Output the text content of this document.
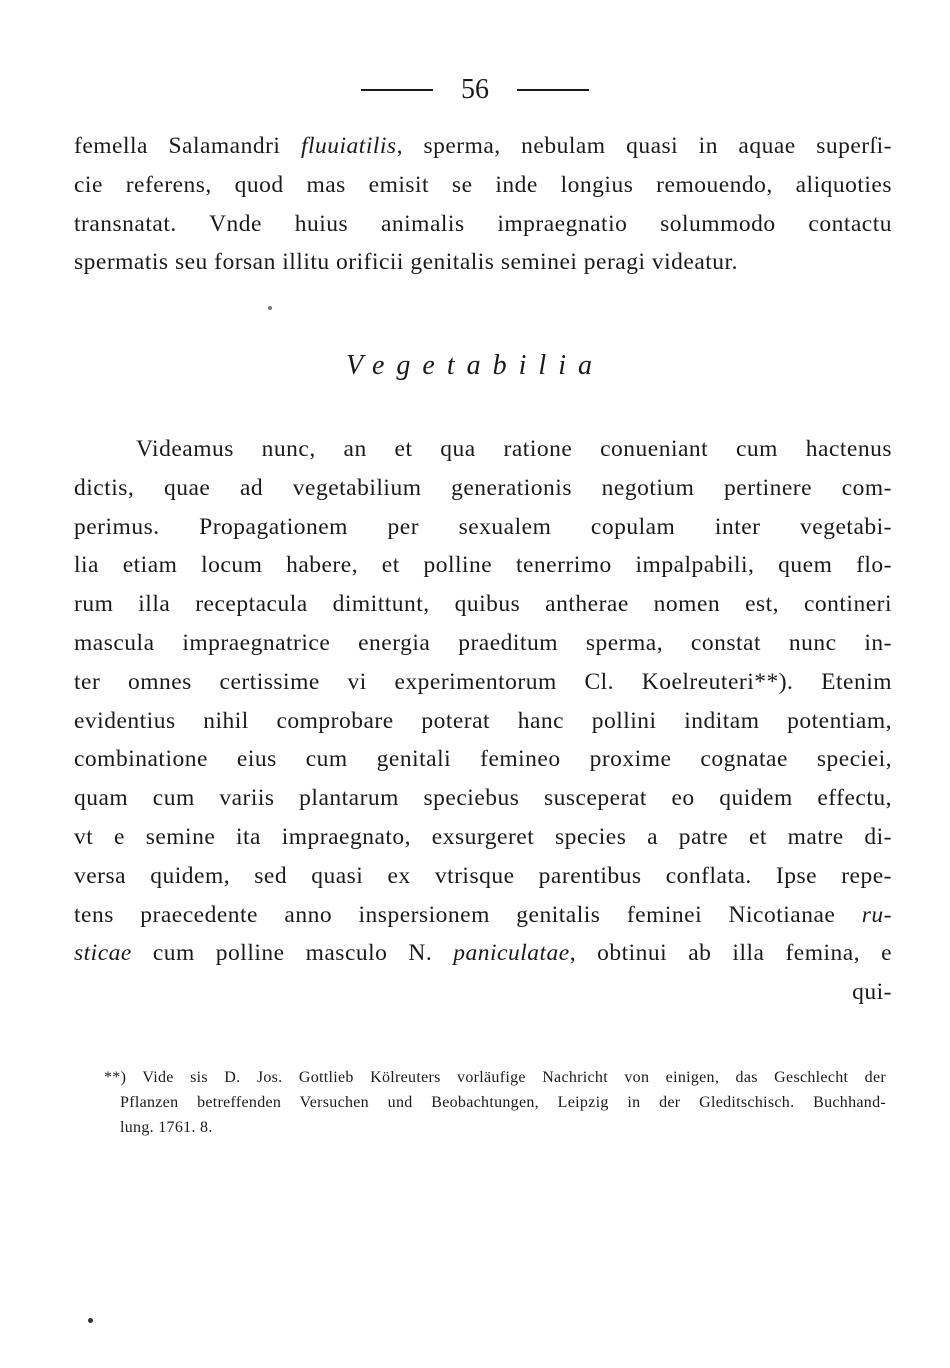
56
femella Salamandri fluuiatilis, sperma, nebulam quasi in aquae superſi-
cie referens, quod mas emisit se inde longius remouendo, aliquoties
transnatat. Vnde huius animalis impraegnatio solummodo contactu
spermatis seu forsan illitu orificii genitalis seminei peragi videatur.
Vegetabilia
Videamus nunc, an et qua ratione conueniant cum hactenus
dictis, quae ad vegetabilium generationis negotium pertinere com-
perimus. Propagationem per sexualem copulam inter vegetabi-
lia etiam locum habere, et polline tenerrimo impalpabili, quem flo-
rum illa receptacula dimittunt, quibus antherae nomen est, contineri
mascula impraegnatrice energia praeditum sperma, constat nunc in-
ter omnes certissime vi experimentorum Cl. Koelreuteri**). Etenim
evidentius nihil comprobare poterat hanc pollini inditam potentiam,
combinatione eius cum genitali femineo proxime cognatae speciei,
quam cum variis plantarum speciebus susceperat eo quidem effectu,
vt e semine ita impraegnato, exsurgeret species a patre et matre di-
versa quidem, sed quasi ex vtrisque parentibus conflata. Ipse repe-
tens praecedente anno inspersionem genitalis feminei Nicotianae ru-
sticae cum polline masculo N. paniculatae, obtinui ab illa femina, e
qui-
**) Vide sis D. Jos. Gottlieb Kölreuters vorläufige Nachricht von einigen, das Geschlecht der
Pflanzen betreffenden Versuchen und Beobachtungen, Leipzig in der Gleditschisch. Buchhand-
lung. 1761. 8.
